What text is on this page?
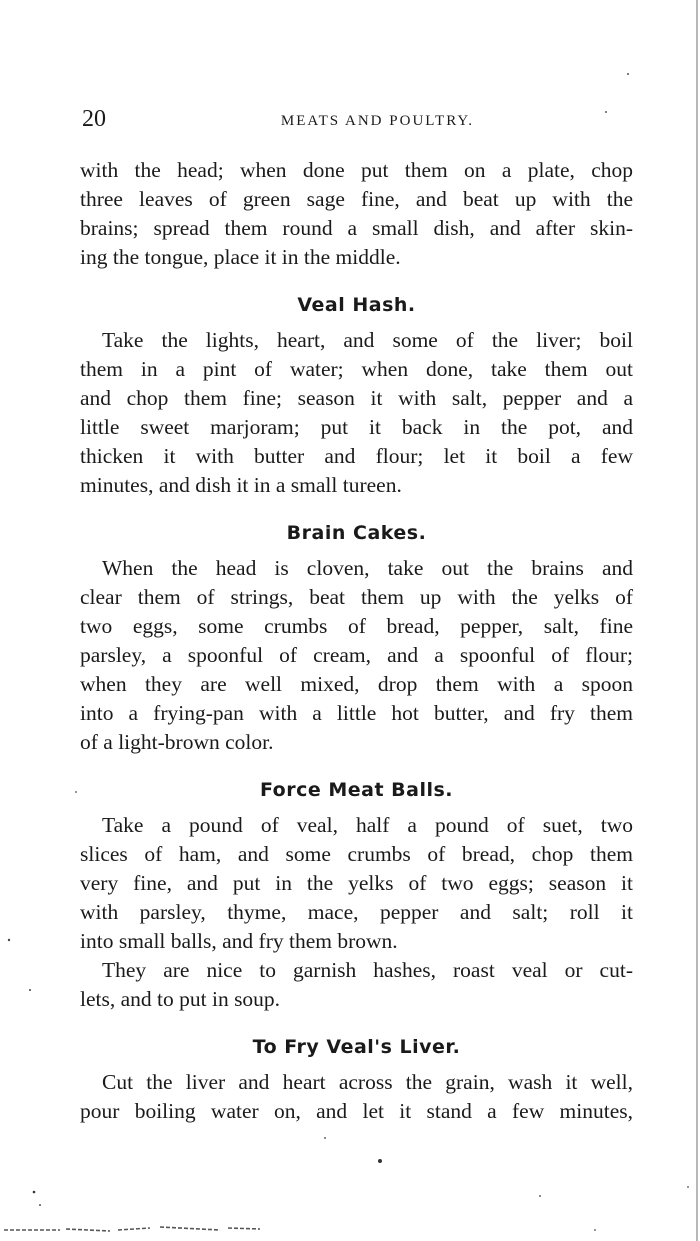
20	MEATS AND POULTRY.

with the head; when done put them on a plate, chop
three leaves of green sage fine, and beat up with the
brains; spread them round a small dish, and after skin-
ing the tongue, place it in the middle.

Veal Hash.

Take the lights, heart, and some of the liver; boil
them in a pint of water; when done, take them out
and chop them fine; season it with salt, pepper and a
little sweet marjoram; put it back in the pot, and
thicken it with butter and flour; let it boil a few
minutes, and dish it in a small tureen.

Brain Cakes.

When the head is cloven, take out the brains and
clear them of strings, beat them up with the yelks of
two eggs, some crumbs of bread, pepper, salt, fine
parsley, a spoonful of cream, and a spoonful of flour;
when they are well mixed, drop them with a spoon
into a frying-pan with a little hot butter, and fry them
of a light-brown color.

Force Meat Balls.

Take a pound of veal, half a pound of suet, two
slices of ham, and some crumbs of bread, chop them
very fine, and put in the yelks of two eggs; season it
with parsley, thyme, mace, pepper and salt; roll it
into small balls, and fry them brown.

They are nice to garnish hashes, roast veal or cut-
lets, and to put in soup.

To Fry Veal's Liver.

Cut the liver and heart across the grain, wash it well,
pour boiling water on, and let it stand a few minutes,
